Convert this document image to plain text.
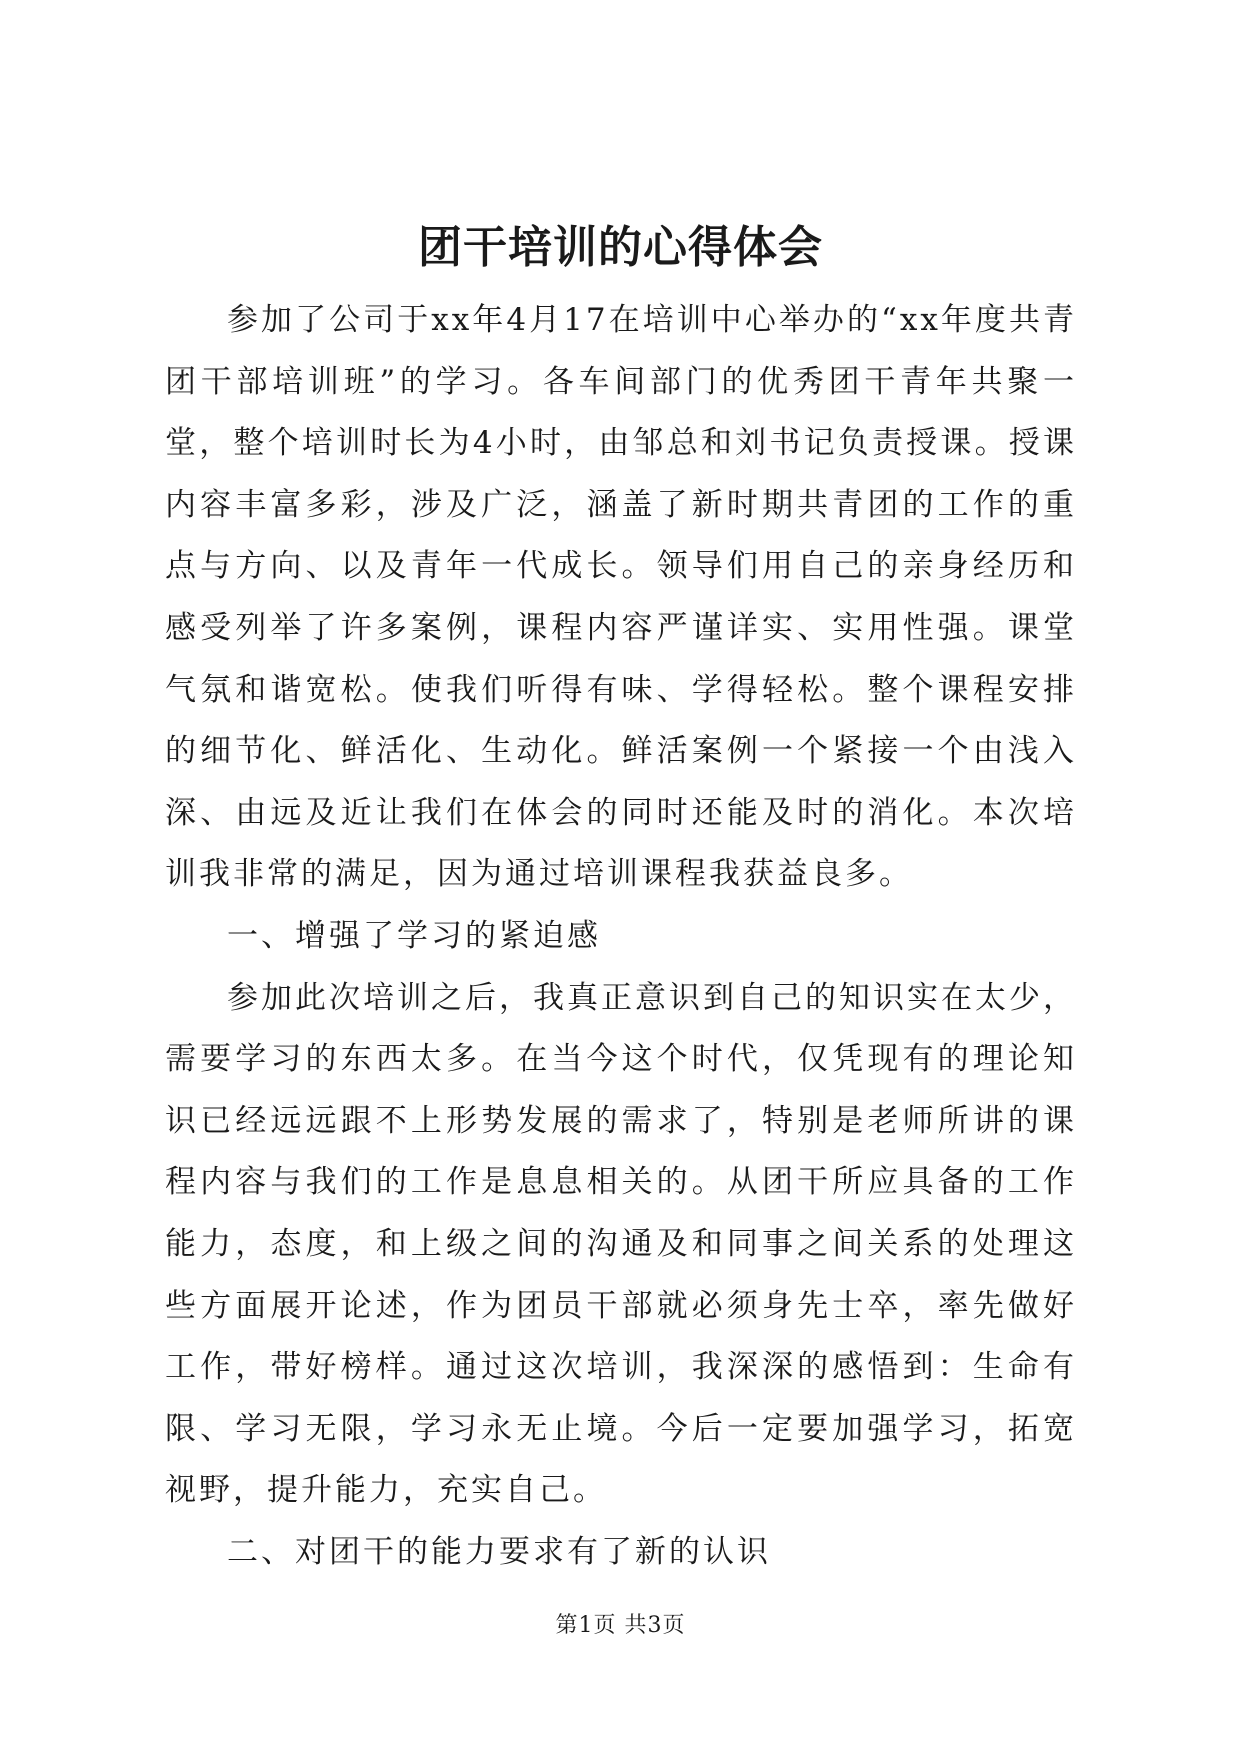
团干培训的心得体会

参加了公司于xx年4月17在培训中心举办的“xx年度共青团干部培训班”的学习。各车间部门的优秀团干青年共聚一堂，整个培训时长为4小时，由邹总和刘书记负责授课。授课内容丰富多彩，涉及广泛，涵盖了新时期共青团的工作的重点与方向、以及青年一代成长。领导们用自己的亲身经历和感受列举了许多案例，课程内容严谨详实、实用性强。课堂气氛和谐宽松。使我们听得有味、学得轻松。整个课程安排的细节化、鲜活化、生动化。鲜活案例一个紧接一个由浅入深、由远及近让我们在体会的同时还能及时的消化。本次培训我非常的满足，因为通过培训课程我获益良多。

一、增强了学习的紧迫感

参加此次培训之后，我真正意识到自己的知识实在太少，需要学习的东西太多。在当今这个时代，仅凭现有的理论知识已经远远跟不上形势发展的需求了，特别是老师所讲的课程内容与我们的工作是息息相关的。从团干所应具备的工作能力，态度，和上级之间的沟通及和同事之间关系的处理这些方面展开论述，作为团员干部就必须身先士卒，率先做好工作，带好榜样。通过这次培训，我深深的感悟到：生命有限、学习无限，学习永无止境。今后一定要加强学习，拓宽视野，提升能力，充实自己。

二、对团干的能力要求有了新的认识

第1页 共3页
